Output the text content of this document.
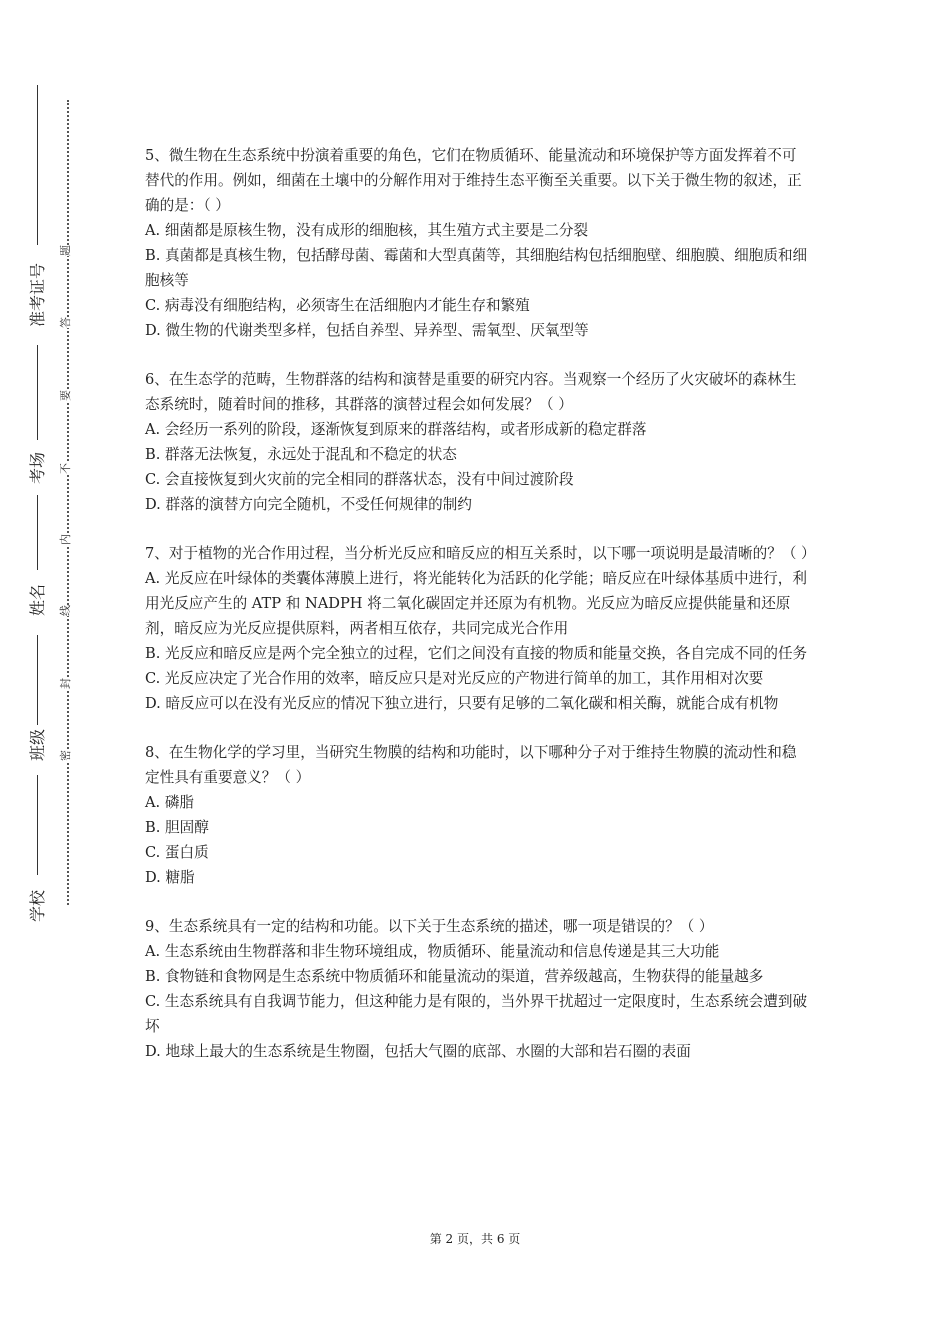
准考证号
考场
姓名
班级
学校
题
答
要
不
内
线
封
密

5、微生物在生态系统中扮演着重要的角色，它们在物质循环、能量流动和环境保护等方面发挥着不可替代的作用。例如，细菌在土壤中的分解作用对于维持生态平衡至关重要。以下关于微生物的叙述，正确的是：（ ）

A. 细菌都是原核生物，没有成形的细胞核，其生殖方式主要是二分裂

B. 真菌都是真核生物，包括酵母菌、霉菌和大型真菌等，其细胞结构包括细胞壁、细胞膜、细胞质和细胞核等

C. 病毒没有细胞结构，必须寄生在活细胞内才能生存和繁殖

D. 微生物的代谢类型多样，包括自养型、异养型、需氧型、厌氧型等

6、在生态学的范畴，生物群落的结构和演替是重要的研究内容。当观察一个经历了火灾破坏的森林生态系统时，随着时间的推移，其群落的演替过程会如何发展？（ ）

A. 会经历一系列的阶段，逐渐恢复到原来的群落结构，或者形成新的稳定群落

B. 群落无法恢复，永远处于混乱和不稳定的状态

C. 会直接恢复到火灾前的完全相同的群落状态，没有中间过渡阶段

D. 群落的演替方向完全随机，不受任何规律的制约

7、对于植物的光合作用过程，当分析光反应和暗反应的相互关系时，以下哪一项说明是最清晰的？（ ）

A. 光反应在叶绿体的类囊体薄膜上进行，将光能转化为活跃的化学能；暗反应在叶绿体基质中进行，利用光反应产生的 ATP 和 NADPH 将二氧化碳固定并还原为有机物。光反应为暗反应提供能量和还原剂，暗反应为光反应提供原料，两者相互依存，共同完成光合作用

B. 光反应和暗反应是两个完全独立的过程，它们之间没有直接的物质和能量交换，各自完成不同的任务

C. 光反应决定了光合作用的效率，暗反应只是对光反应的产物进行简单的加工，其作用相对次要

D. 暗反应可以在没有光反应的情况下独立进行，只要有足够的二氧化碳和相关酶，就能合成有机物

8、在生物化学的学习里，当研究生物膜的结构和功能时，以下哪种分子对于维持生物膜的流动性和稳定性具有重要意义？（ ）

A. 磷脂

B. 胆固醇

C. 蛋白质

D. 糖脂

9、生态系统具有一定的结构和功能。以下关于生态系统的描述，哪一项是错误的？（ ）

A. 生态系统由生物群落和非生物环境组成，物质循环、能量流动和信息传递是其三大功能

B. 食物链和食物网是生态系统中物质循环和能量流动的渠道，营养级越高，生物获得的能量越多

C. 生态系统具有自我调节能力，但这种能力是有限的，当外界干扰超过一定限度时，生态系统会遭到破坏

D. 地球上最大的生态系统是生物圈，包括大气圈的底部、水圈的大部和岩石圈的表面

第 2 页，共 6 页
